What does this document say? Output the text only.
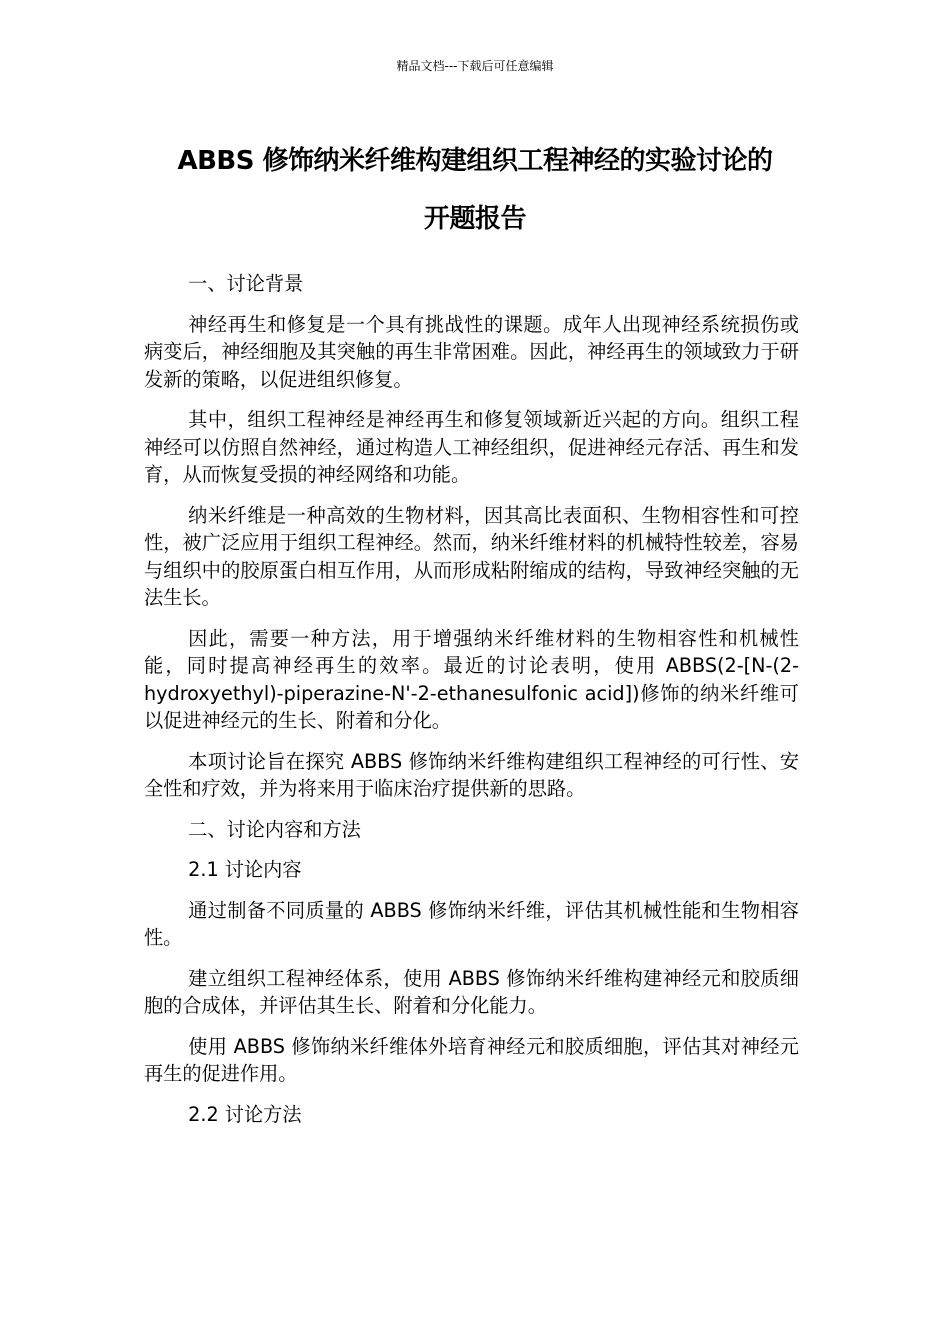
精品文档---下载后可任意编辑
ABBS 修饰纳米纤维构建组织工程神经的实验讨论的
开题报告

一、讨论背景

神经再生和修复是一个具有挑战性的课题。成年人出现神经系统损伤或病变后，神经细胞及其突触的再生非常困难。因此，神经再生的领域致力于研发新的策略，以促进组织修复。

其中，组织工程神经是神经再生和修复领域新近兴起的方向。组织工程神经可以仿照自然神经，通过构造人工神经组织，促进神经元存活、再生和发育，从而恢复受损的神经网络和功能。

纳米纤维是一种高效的生物材料，因其高比表面积、生物相容性和可控性，被广泛应用于组织工程神经。然而，纳米纤维材料的机械特性较差，容易与组织中的胶原蛋白相互作用，从而形成粘附缩成的结构，导致神经突触的无法生长。

因此，需要一种方法，用于增强纳米纤维材料的生物相容性和机械性能，同时提高神经再生的效率。最近的讨论表明，使用 ABBS(2-[N-(2-hydroxyethyl)-piperazine-N'-2-ethanesulfonic acid])修饰的纳米纤维可以促进神经元的生长、附着和分化。

本项讨论旨在探究 ABBS 修饰纳米纤维构建组织工程神经的可行性、安全性和疗效，并为将来用于临床治疗提供新的思路。

二、讨论内容和方法

2.1 讨论内容

通过制备不同质量的 ABBS 修饰纳米纤维，评估其机械性能和生物相容性。

建立组织工程神经体系，使用 ABBS 修饰纳米纤维构建神经元和胶质细胞的合成体，并评估其生长、附着和分化能力。

使用 ABBS 修饰纳米纤维体外培育神经元和胶质细胞，评估其对神经元再生的促进作用。

2.2 讨论方法
